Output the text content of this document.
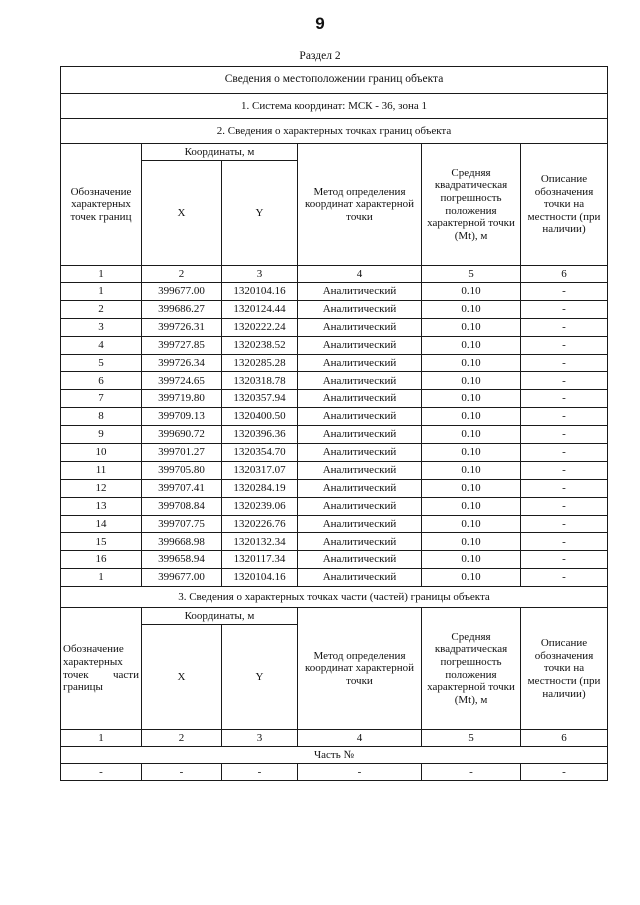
9
Раздел 2
Сведения о местоположении границ объекта					
1. Система координат: МСК - 36, зона 1					
2. Сведения о характерных точках границ объекта					
Обозначение характерных точек границ	Координаты, м		Метод определения координат характерной точки	Средняя квадратическая погрешность положения характерной точки (Mt), м	Описание обозначения точки на местности (при наличии)
	X	Y			
1	2	3	4	5	6
1	399677.00	1320104.16	Аналитический	0.10	-
2	399686.27	1320124.44	Аналитический	0.10	-
3	399726.31	1320222.24	Аналитический	0.10	-
4	399727.85	1320238.52	Аналитический	0.10	-
5	399726.34	1320285.28	Аналитический	0.10	-
6	399724.65	1320318.78	Аналитический	0.10	-
7	399719.80	1320357.94	Аналитический	0.10	-
8	399709.13	1320400.50	Аналитический	0.10	-
9	399690.72	1320396.36	Аналитический	0.10	-
10	399701.27	1320354.70	Аналитический	0.10	-
11	399705.80	1320317.07	Аналитический	0.10	-
12	399707.41	1320284.19	Аналитический	0.10	-
13	399708.84	1320239.06	Аналитический	0.10	-
14	399707.75	1320226.76	Аналитический	0.10	-
15	399668.98	1320132.34	Аналитический	0.10	-
16	399658.94	1320117.34	Аналитический	0.10	-
1	399677.00	1320104.16	Аналитический	0.10	-
3. Сведения о характерных точках части (частей) границы объекта					

Обозначение характерных точек части границы	Координаты, м		Метод определения координат характерной точки	Средняя квадратическая погрешность положения характерной точки (Mt), м	Описание обозначения точки на местности (при наличии)
	X	Y			
1	2	3	4	5	6
Часть №					
-	-	-	-	-	-
